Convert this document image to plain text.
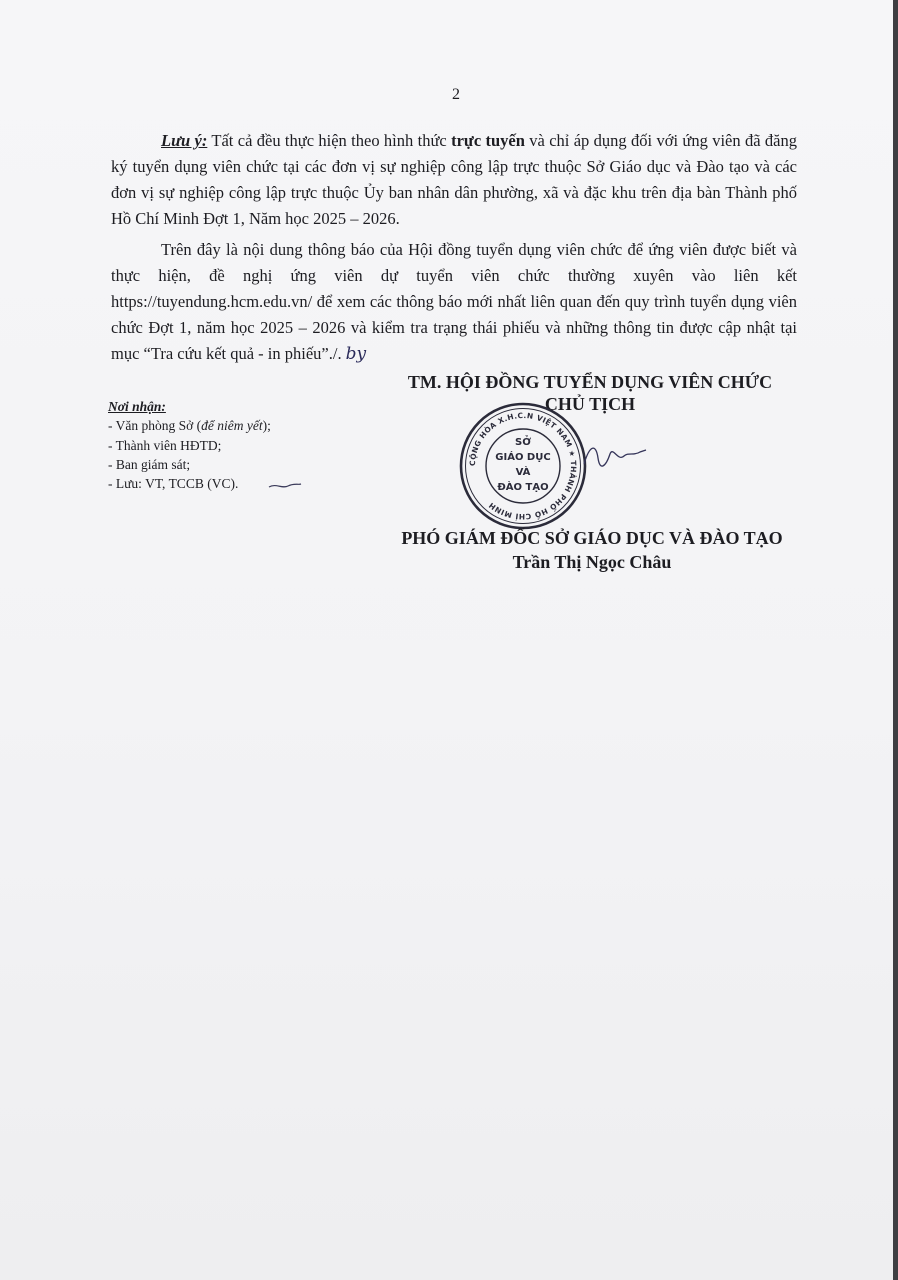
2

Lưu ý: Tất cả đều thực hiện theo hình thức trực tuyến và chỉ áp dụng đối với ứng viên đã đăng ký tuyển dụng viên chức tại các đơn vị sự nghiệp công lập trực thuộc Sở Giáo dục và Đào tạo và các đơn vị sự nghiệp công lập trực thuộc Ủy ban nhân dân phường, xã và đặc khu trên địa bàn Thành phố Hồ Chí Minh Đợt 1, Năm học 2025 – 2026.

Trên đây là nội dung thông báo của Hội đồng tuyển dụng viên chức để ứng viên được biết và thực hiện, đề nghị ứng viên dự tuyển viên chức thường xuyên vào liên kết https://tuyendung.hcm.edu.vn/ để xem các thông báo mới nhất liên quan đến quy trình tuyển dụng viên chức Đợt 1, năm học 2025 – 2026 và kiểm tra trạng thái phiếu và những thông tin được cập nhật tại mục “Tra cứu kết quả - in phiếu”./. by

TM. HỘI ĐỒNG TUYỂN DỤNG VIÊN CHỨC
CHỦ TỊCH
Nơi nhận:
- Văn phòng Sở (để niêm yết);
- Thành viên HĐTD;
- Ban giám sát;
- Lưu: VT, TCCB (VC).
CỘNG HÒA X.H.C.N VIỆT NAM ★ THÀNH PHỐ HỒ CHÍ MINH
SỞ
GIÁO DỤC
VÀ
ĐÀO TẠO
PHÓ GIÁM ĐỐC SỞ GIÁO DỤC VÀ ĐÀO TẠO
Trần Thị Ngọc Châu
